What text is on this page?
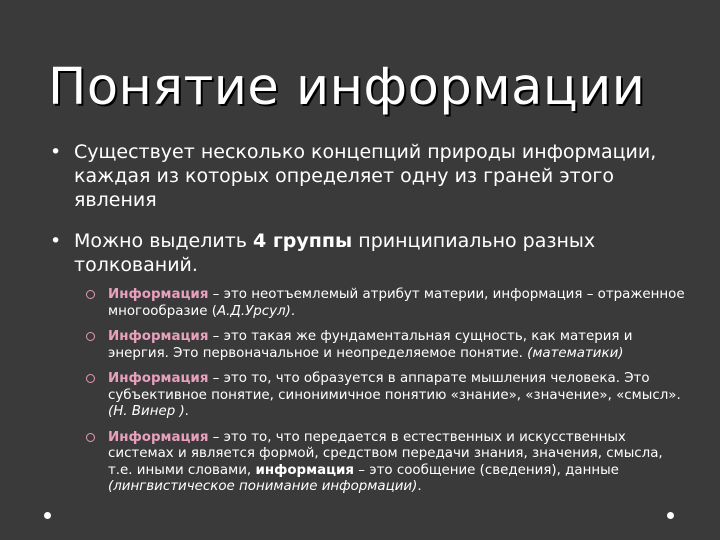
Понятие информации
• Существует несколько концепций природы информации, каждая из которых определяет одну из граней этого явления
• Можно выделить 4 группы принципиально разных толкований.
Информация – это неотъемлемый атрибут материи, информация – отраженное многообразие (А.Д.Урсул).
Информация – это такая же фундаментальная сущность, как материя и энергия. Это первоначальное и неопределяемое понятие. (математики)
Информация – это то, что образуется в аппарате мышления человека. Это субъективное понятие, синонимичное понятию «знание», «значение», «смысл». (Н. Винер ).
Информация – это то, что передается в естественных и искусственных системах и является формой, средством передачи знания, значения, смысла, т.е. иными словами, информация – это сообщение (сведения), данные (лингвистическое понимание информации).
